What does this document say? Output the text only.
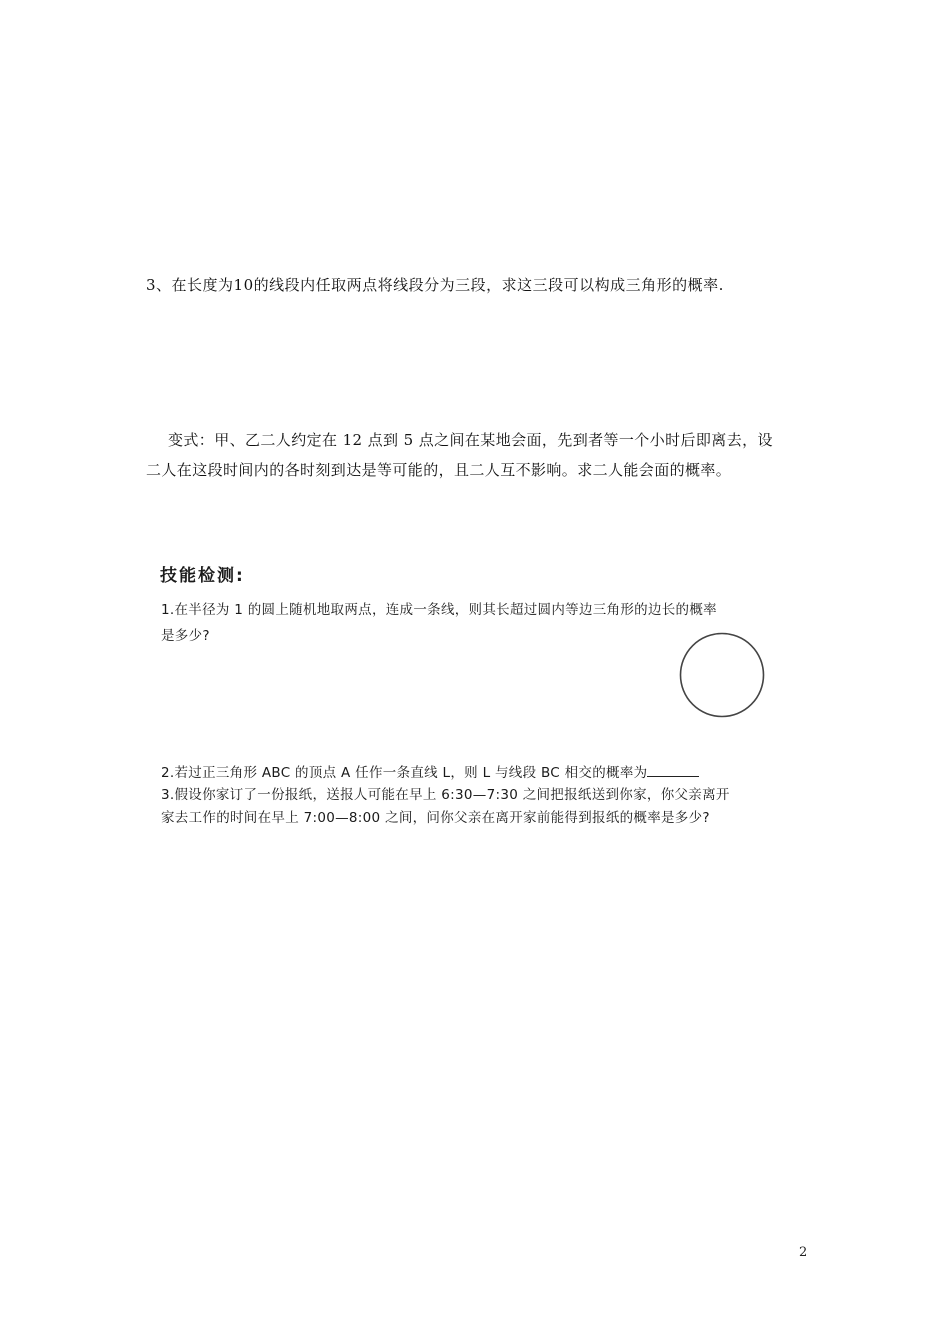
3、在长度为10的线段内任取两点将线段分为三段，求这三段可以构成三角形的概率.

变式：甲、乙二人约定在 12 点到 5 点之间在某地会面，先到者等一个小时后即离去，设

二人在这段时间内的各时刻到达是等可能的，且二人互不影响。求二人能会面的概率。

技能检测:
1.在半径为 1 的圆上随机地取两点，连成一条线，则其长超过圆内等边三角形的边长的概率
是多少?
2.若过正三角形 ABC 的顶点 A 任作一条直线 L，则 L 与线段 BC 相交的概率为
3.假设你家订了一份报纸，送报人可能在早上 6:30—7:30 之间把报纸送到你家，你父亲离开
家去工作的时间在早上 7:00—8:00 之间，问你父亲在离开家前能得到报纸的概率是多少?
2
